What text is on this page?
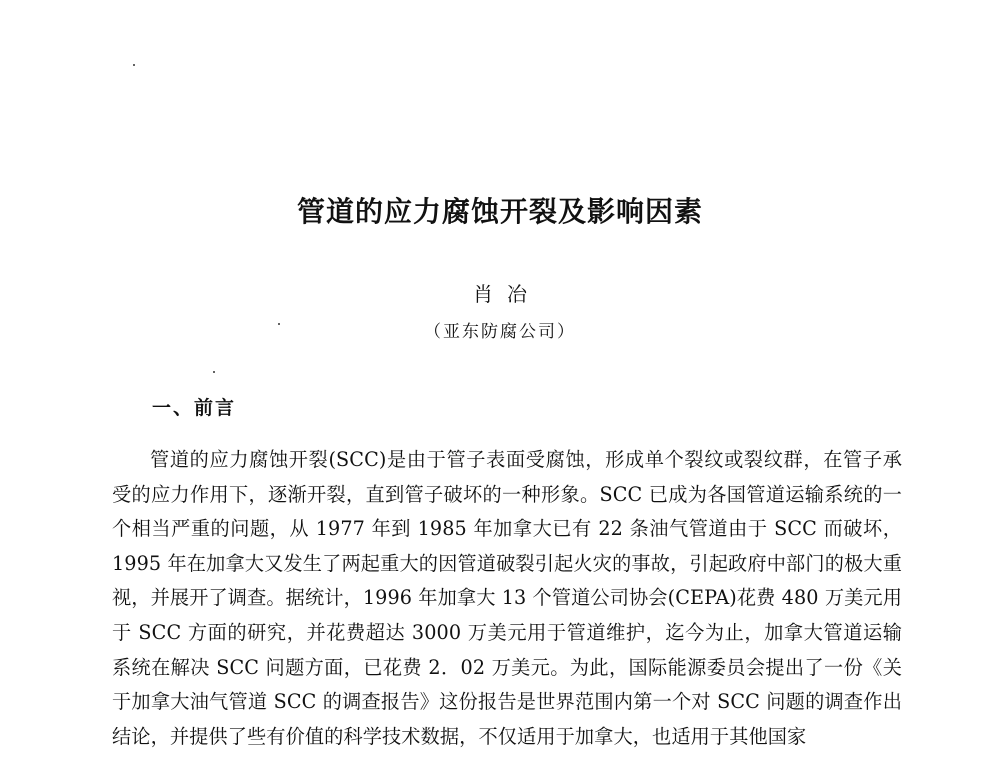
管道的应力腐蚀开裂及影响因素
肖冶
（亚东防腐公司）
一、前言

管道的应力腐蚀开裂(SCC)是由于管子表面受腐蚀，形成单个裂纹或裂纹群，在管子承受的应力作用下，逐渐开裂，直到管子破坏的一种形象。SCC 已成为各国管道运输系统的一个相当严重的问题，从 1977 年到 1985 年加拿大已有 22 条油气管道由于 SCC 而破坏，1995 年在加拿大又发生了两起重大的因管道破裂引起火灾的事故，引起政府中部门的极大重视，并展开了调查。据统计，1996 年加拿大 13 个管道公司协会(CEPA)花费 480 万美元用于 SCC 方面的研究，并花费超达 3000 万美元用于管道维护，迄今为止，加拿大管道运输系统在解决 SCC 问题方面，已花费 2．02 万美元。为此，国际能源委员会提出了一份《关于加拿大油气管道 SCC 的调查报告》这份报告是世界范围内第一个对 SCC 问题的调查作出结论，并提供了些有价值的科学技术数据，不仅适用于加拿大，也适用于其他国家
